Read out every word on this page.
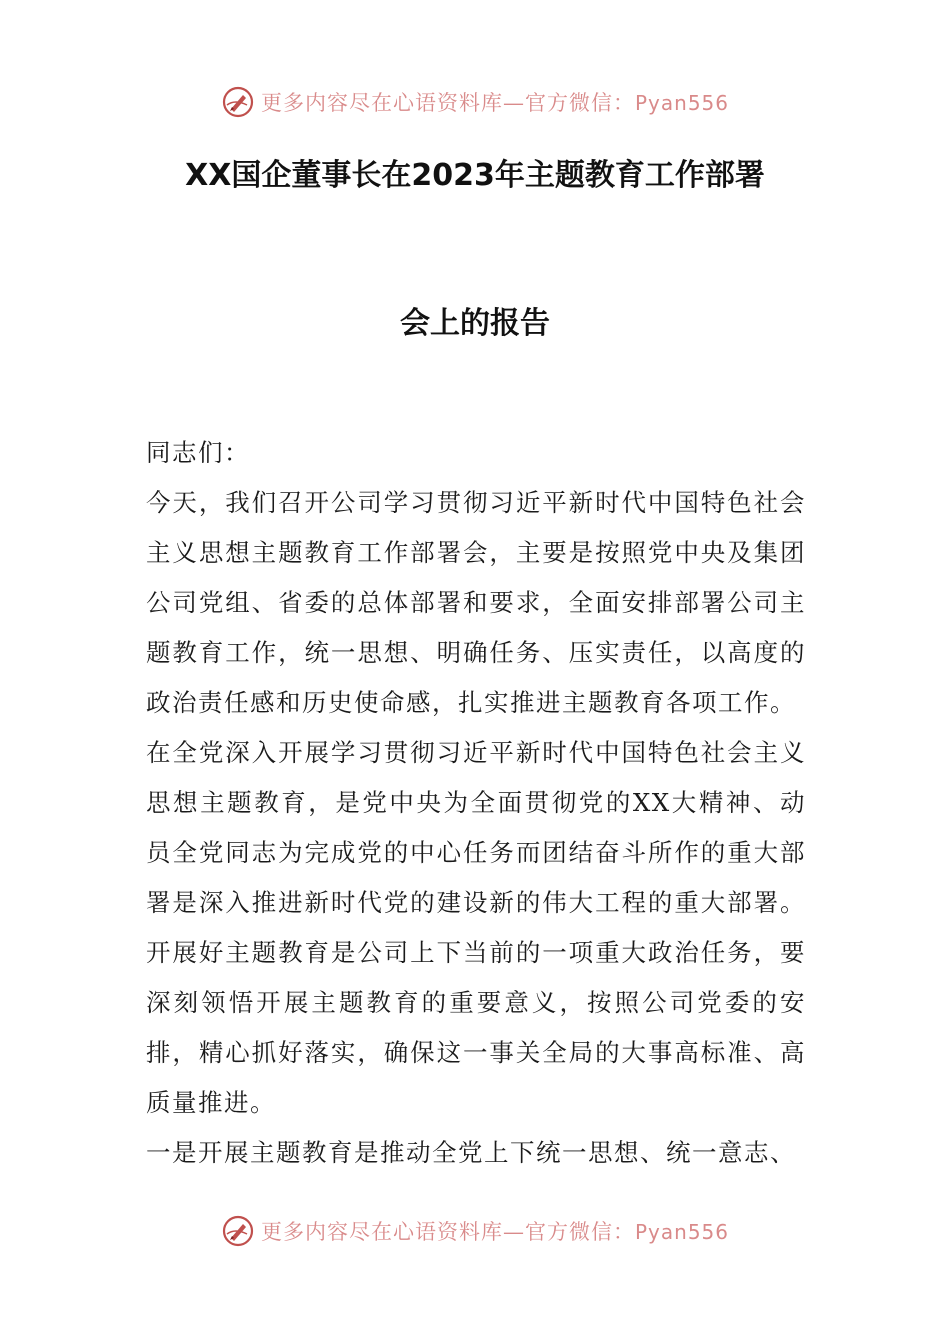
更多内容尽在心语资料库—官方微信：Pyan556
XX国企董事长在2023年主题教育工作部署
会上的报告

同志们：

今天，我们召开公司学习贯彻习近平新时代中国特色社会主义思想主题教育工作部署会，主要是按照党中央及集团公司党组、省委的总体部署和要求，全面安排部署公司主题教育工作，统一思想、明确任务、压实责任，以高度的政治责任感和历史使命感，扎实推进主题教育各项工作。

在全党深入开展学习贯彻习近平新时代中国特色社会主义思想主题教育，是党中央为全面贯彻党的XX大精神、动员全党同志为完成党的中心任务而团结奋斗所作的重大部署是深入推进新时代党的建设新的伟大工程的重大部署。开展好主题教育是公司上下当前的一项重大政治任务，要深刻领悟开展主题教育的重要意义，按照公司党委的安排，精心抓好落实，确保这一事关全局的大事高标准、高质量推进。

一是开展主题教育是推动全党上下统一思想、统一意志、

更多内容尽在心语资料库—官方微信：Pyan556
